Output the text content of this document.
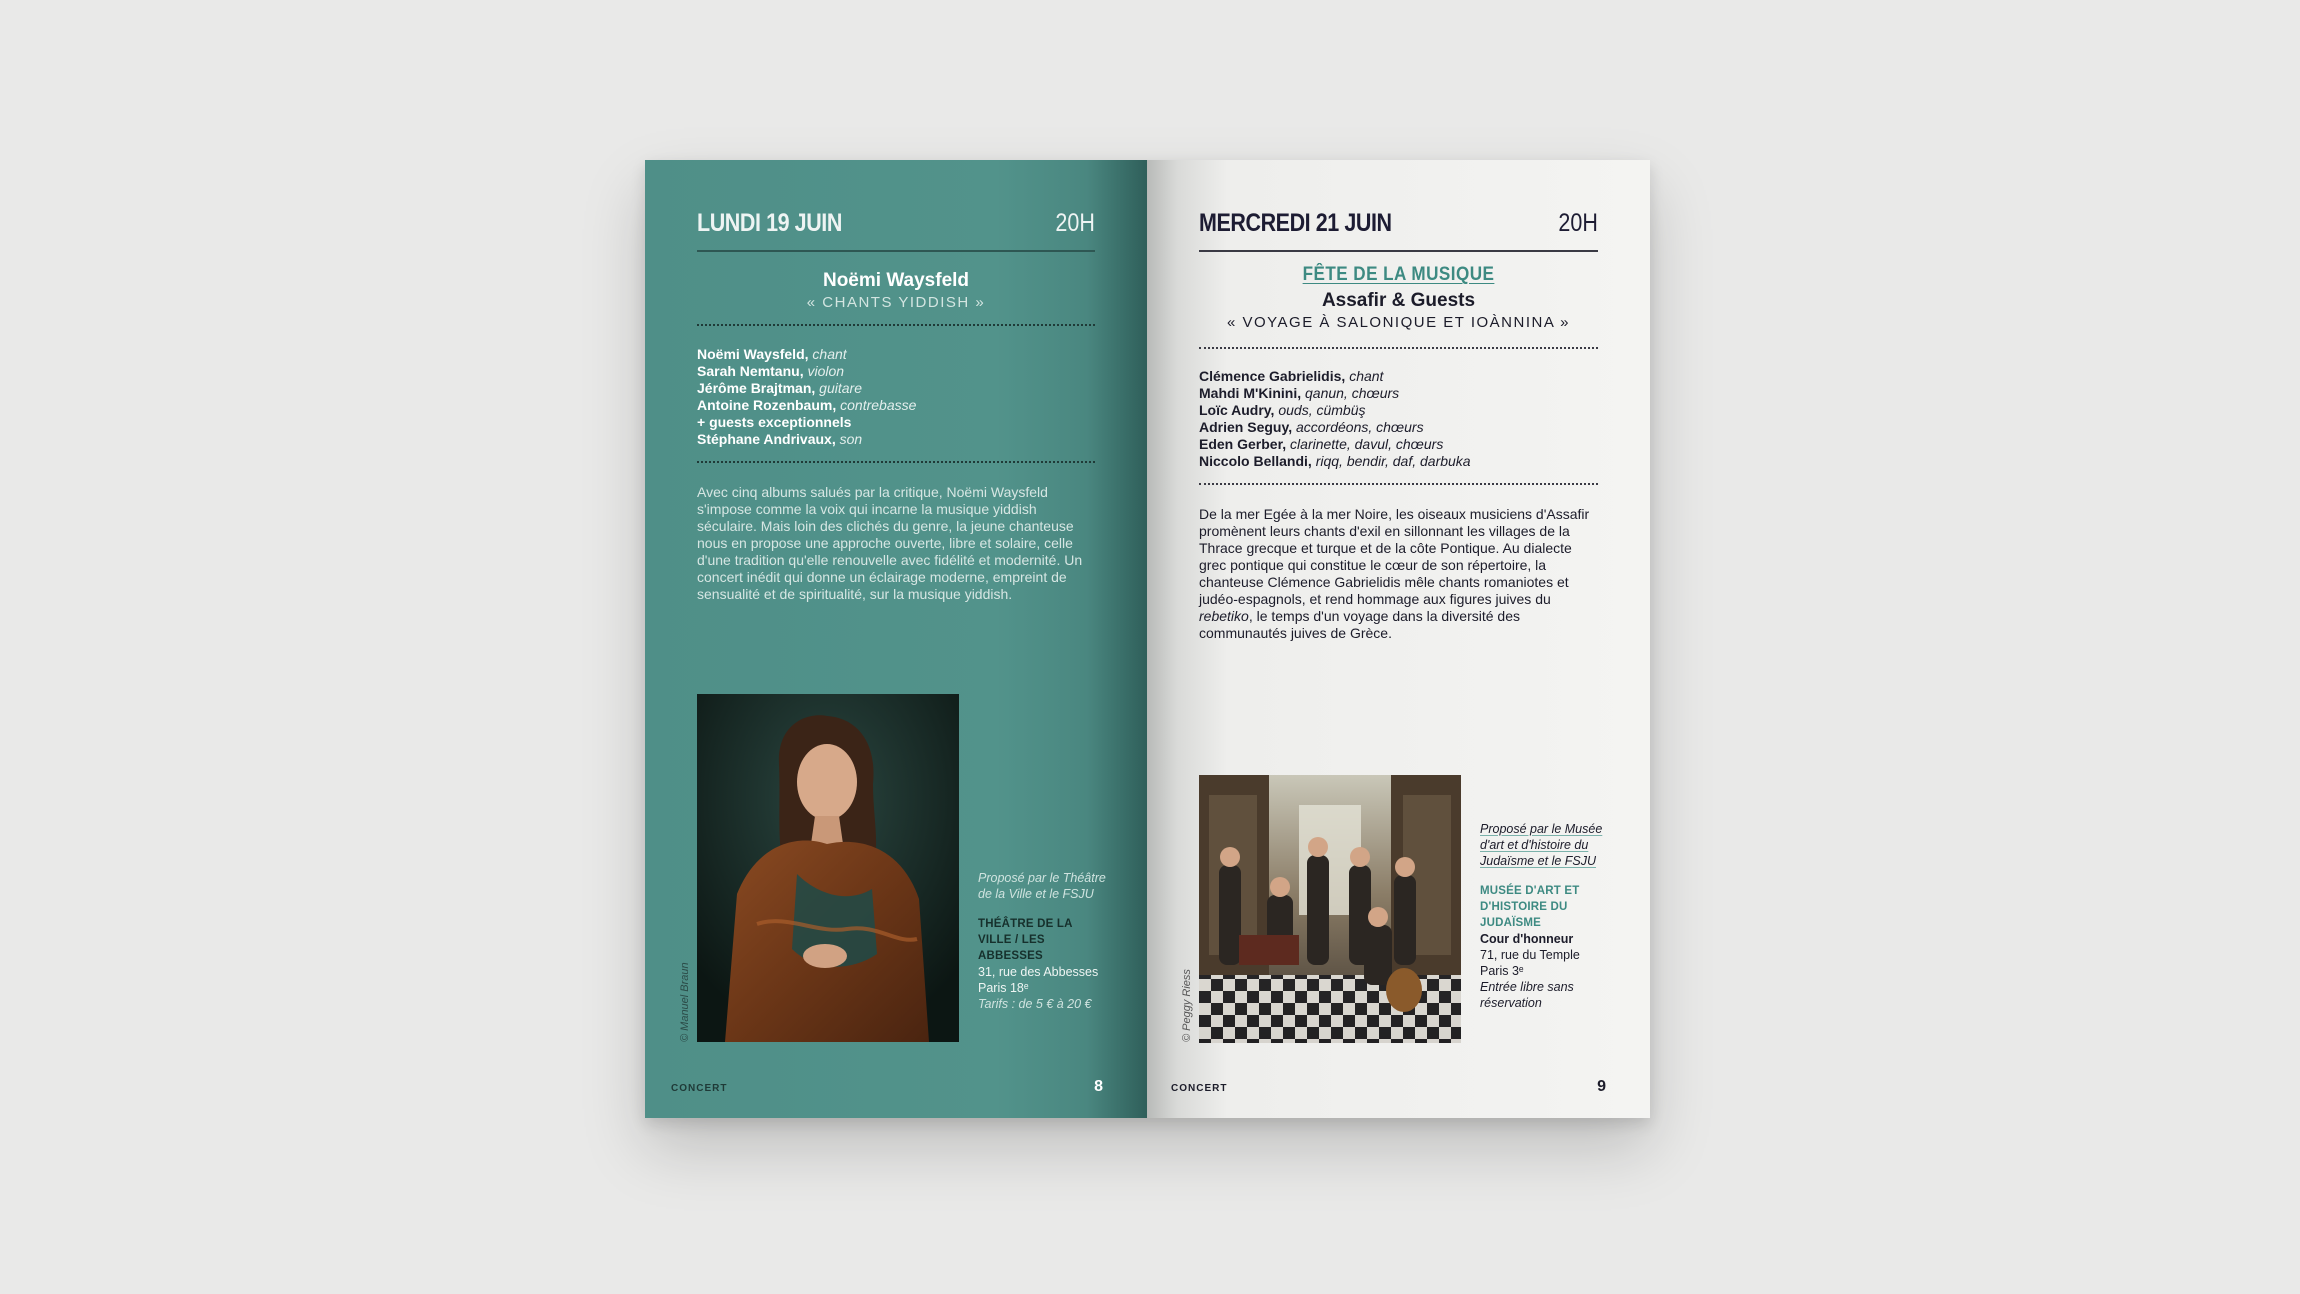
LUNDI 19 JUIN	20H
Noëmi Waysfeld
« CHANTS YIDDISH »
Noëmi Waysfeld, chant
Sarah Nemtanu, violon
Jérôme Brajtman, guitare
Antoine Rozenbaum, contrebasse
+ guests exceptionnels
Stéphane Andrivaux, son
Avec cinq albums salués par la critique, Noëmi Waysfeld s'impose comme la voix qui incarne la musique yiddish séculaire. Mais loin des clichés du genre, la jeune chanteuse nous en propose une approche ouverte, libre et solaire, celle d'une tradition qu'elle renouvelle avec fidélité et modernité. Un concert inédit qui donne un éclairage moderne, empreint de sensualité et de spiritualité, sur la musique yiddish.
© Manuel Braun
Proposé par le Théâtre de la Ville et le FSJU
THÉÂTRE DE LA VILLE / LES ABBESSES
31, rue des Abbesses
Paris 18ᵉ
Tarifs : de 5 € à 20 €
CONCERT	8
MERCREDI 21 JUIN	20H
FÊTE DE LA MUSIQUE
Assafir & Guests
« VOYAGE À SALONIQUE ET IOÀNNINA »
Clémence Gabrielidis, chant
Mahdi M'Kinini, qanun, chœurs
Loïc Audry, ouds, cümbüş
Adrien Seguy, accordéons, chœurs
Eden Gerber, clarinette, davul, chœurs
Niccolo Bellandi, riqq, bendir, daf, darbuka
De la mer Egée à la mer Noire, les oiseaux musiciens d'Assafir promènent leurs chants d'exil en sillonnant les villages de la Thrace grecque et turque et de la côte Pontique. Au dialecte grec pontique qui constitue le cœur de son répertoire, la chanteuse Clémence Gabrielidis mêle chants romaniotes et judéo-espagnols, et rend hommage aux figures juives du rebetiko, le temps d'un voyage dans la diversité des communautés juives de Grèce.
© Peggy Riess
Proposé par le Musée d'art et d'histoire du Judaïsme et le FSJU
MUSÉE D'ART ET D'HISTOIRE DU JUDAÏSME
Cour d'honneur
71, rue du Temple
Paris 3ᵉ
Entrée libre sans réservation
CONCERT	9
